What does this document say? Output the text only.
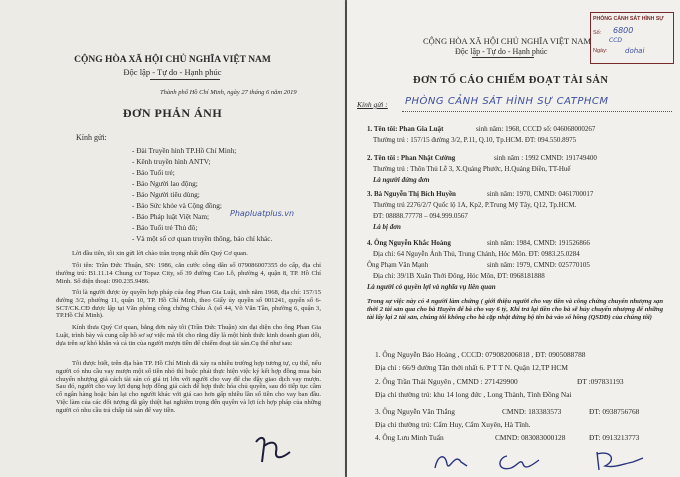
CỘNG HÒA XÃ HỘI CHỦ NGHĨA VIỆT NAM
Độc lập - Tự do - Hạnh phúc
Thành phố Hồ Chí Minh, ngày 27 tháng 6 năm 2019
ĐƠN PHẢN ÁNH
Kính gửi:
- Đài Truyền hình TP.Hồ Chí Minh;
- Kênh truyền hình ANTV;
- Báo Tuổi trẻ;
- Báo Người lao động;
- Báo Người tiêu dùng;
- Báo Sức khỏe và Cộng đồng;
- Báo Pháp luật Việt Nam;
- Báo Tuổi trẻ Thủ đô;
- Và một số cơ quan truyền thông, báo chí khác.
Phapluatplus.vn
Lời đầu tiên, tôi xin gửi lời chào trân trọng nhất đến Quý Cơ quan.
Tôi tên: Trần Đức Thuận, SN: 1986, căn cước công dân số 079086007355 do cấp, địa chỉ thường trú: B1.11.14 Chung cư Topaz City, số 39 đường Cao Lỗ, phường 4, quận 8, TP. Hồ Chí Minh. Số điện thoại: 090.235.9486.
Tôi là người được ủy quyền hợp pháp của ông Phan Gia Luật, sinh năm 1968, địa chỉ: 157/15 đường 3/2, phường 11, quận 10, TP. Hồ Chí Minh, theo Giấy ủy quyền số 001241, quyển số 6-SCT/CK.CĐ được lập tại Văn phòng công chứng Châu Á (số 44, Võ Văn Tần, phường 6, quận 3, TP.Hồ Chí Minh).
Kính thưa Quý Cơ quan, bằng đơn này tôi (Trần Đức Thuận) xin đại diện cho ông Phan Gia Luật, trình bày và cung cấp hồ sơ sự việc mà tôi cho rằng đây là một hình thức kinh doanh gian dối, dựa trên sự khó khăn và cả tin của người mượn tiền để chiếm đoạt tài sản.Cụ thể như sau:
Tôi được biết, trên địa bàn TP. Hồ Chí Minh đã xảy ra nhiều trường hợp tương tự, cụ thể, nếu người có nhu cầu vay mượn một số tiền nhỏ thì buộc phải thực hiện việc ký kết hợp đồng mua bán chuyển nhượng giả cách tài sản có giá trị lớn với người cho vay để che đậy giao dịch vay mượn. Sau đó, người cho vay lợi dụng hợp đồng giả cách để hợp thức hóa chủ quyền, sau đó tiếp tục cầm cố ngân hàng hoặc bán lại cho người khác với giá cao hơn gấp nhiều lần số tiền cho vay ban đầu. Việc làm của các đối tượng đã gây thiệt hại nghiêm trọng đến quyền và lợi ích hợp pháp của những người có nhu cầu trả chấp tài sản để vay tiền.
PHÒNG CẢNH SÁT HÌNH SỰ
Số:
Ngày:
6800
CCD
dohai
CỘNG HÒA XÃ HỘI CHỦ NGHĨA VIỆT NAM
Độc lập - Tự do - Hạnh phúc
ĐƠN TỐ CÁO CHIẾM ĐOẠT TÀI SẢN
Kính gửi : PHÒNG CẢNH SÁT HÌNH SỰ CATPHCM
1. Tên tôi: Phan Gia Luật	sinh năm: 1968, CCCD số: 046068000267
Thường trú : 157/15 đường 3/2, P.11, Q.10, Tp.HCM. ĐT: 094.550.8975
2. Tên tôi : Phan Nhật Cường	sinh năm : 1992 CMND: 191749400
Thường trú : Thôn Thủ Lễ 3, X.Quảng Phước, H.Quảng Điền, TT-Huế
Là người đứng đơn
3. Bà Nguyễn Thị Bích Huyền	sinh năm: 1970, CMND: 0461700017
Thường trú 2276/2/7 Quốc lộ 1A, Kp2, P.Trung Mỹ Tây, Q12, Tp.HCM.
ĐT: 08888.77778 – 094.999.0567
Là bị đơn
4. Ông Nguyễn Khắc Hoàng	sinh năm: 1984, CMND: 191526866
Địa chỉ: 64 Nguyễn Ảnh Thủ, Trung Chánh, Hóc Môn. ĐT: 0983.25.0284
Ông Phạm Văn Mạnh	sinh năm: 1979, CMND: 025770105
Địa chỉ: 39/1B Xuân Thới Đông, Hóc Môn, ĐT: 0968181888
Là người có quyền lợi và nghĩa vụ liên quan
Trong sự việc này có 4 người làm chứng ( giới thiệu người cho vay tiền và công chứng chuyển nhượng sạn thời 2 tài sản qua cho bà Huyền để bà cho vay 6 tỷ, Khi trả lại tiền cho bà sẽ hủy chuyển nhượng để những tài lấy lại 2 tài sản, chúng tôi không cho bà cặp nhật đứng bộ tên bà vào sổ hồng (QSDĐ) của chúng tôi)
1. Ông Nguyễn Bảo Hoàng , CCCD: 079082006818 , ĐT: 0905088788
Địa chỉ : 66/9 đường Tân thới nhất 6. P T T N. Quận 12,TP HCM
2. Ông Trần Thái Nguyên , CMND : 271429900	ĐT :097831193
Địa chỉ thường trú: khu 14 long đức , Long Thành, Tỉnh Đồng Nai
3. Ông Nguyễn Văn Thắng	CMND: 183383573	ĐT: 0938756768
Địa chỉ thường trú: Cẩm Huy, Cẩm Xuyên, Hà Tĩnh.
4. Ông Lưu Minh Tuấn	CMND: 083083000128	ĐT: 0913213773
